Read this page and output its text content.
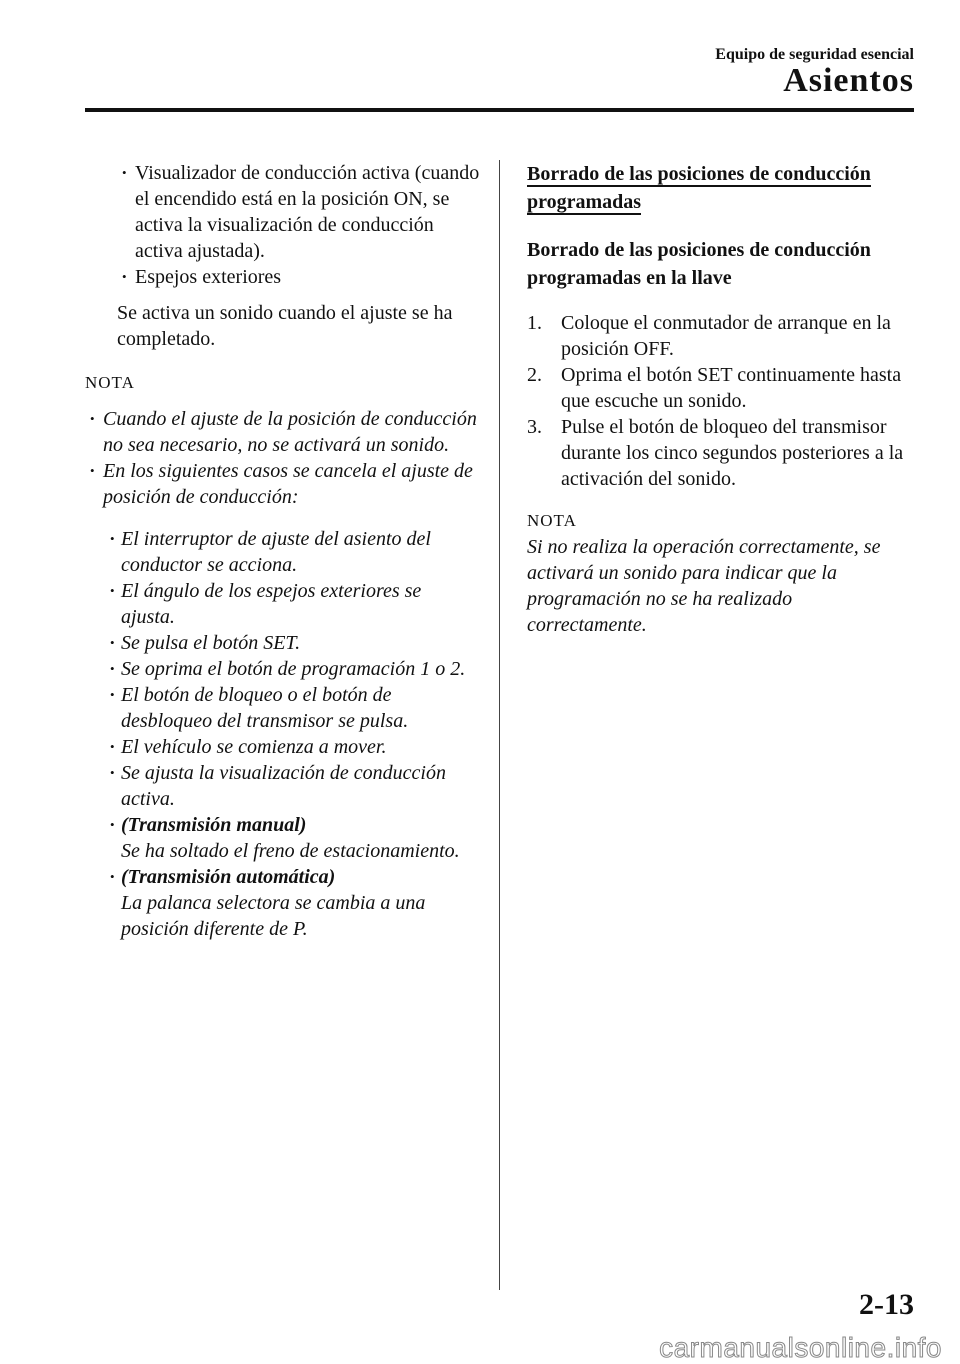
Equipo de seguridad esencial
Asientos
• Visualizador de conducción activa (cuando el encendido está en la posición ON, se activa la visualización de conducción activa ajustada).
• Espejos exteriores
Se activa un sonido cuando el ajuste se ha completado.
NOTA
• Cuando el ajuste de la posición de conducción no sea necesario, no se activará un sonido.
• En los siguientes casos se cancela el ajuste de posición de conducción:
• El interruptor de ajuste del asiento del conductor se acciona.
• El ángulo de los espejos exteriores se ajusta.
• Se pulsa el botón SET.
• Se oprima el botón de programación 1 o 2.
• El botón de bloqueo o el botón de desbloqueo del transmisor se pulsa.
• El vehículo se comienza a mover.
• Se ajusta la visualización de conducción activa.
• (Transmisión manual)
Se ha soltado el freno de estacionamiento.
• (Transmisión automática)
La palanca selectora se cambia a una posición diferente de P.
Borrado de las posiciones de conducción programadas
Borrado de las posiciones de conducción programadas en la llave
1. Coloque el conmutador de arranque en la posición OFF.
2. Oprima el botón SET continuamente hasta que escuche un sonido.
3. Pulse el botón de bloqueo del transmisor durante los cinco segundos posteriores a la activación del sonido.
NOTA
Si no realiza la operación correctamente, se activará un sonido para indicar que la programación no se ha realizado correctamente.
2-13
carmanualsonline.info
